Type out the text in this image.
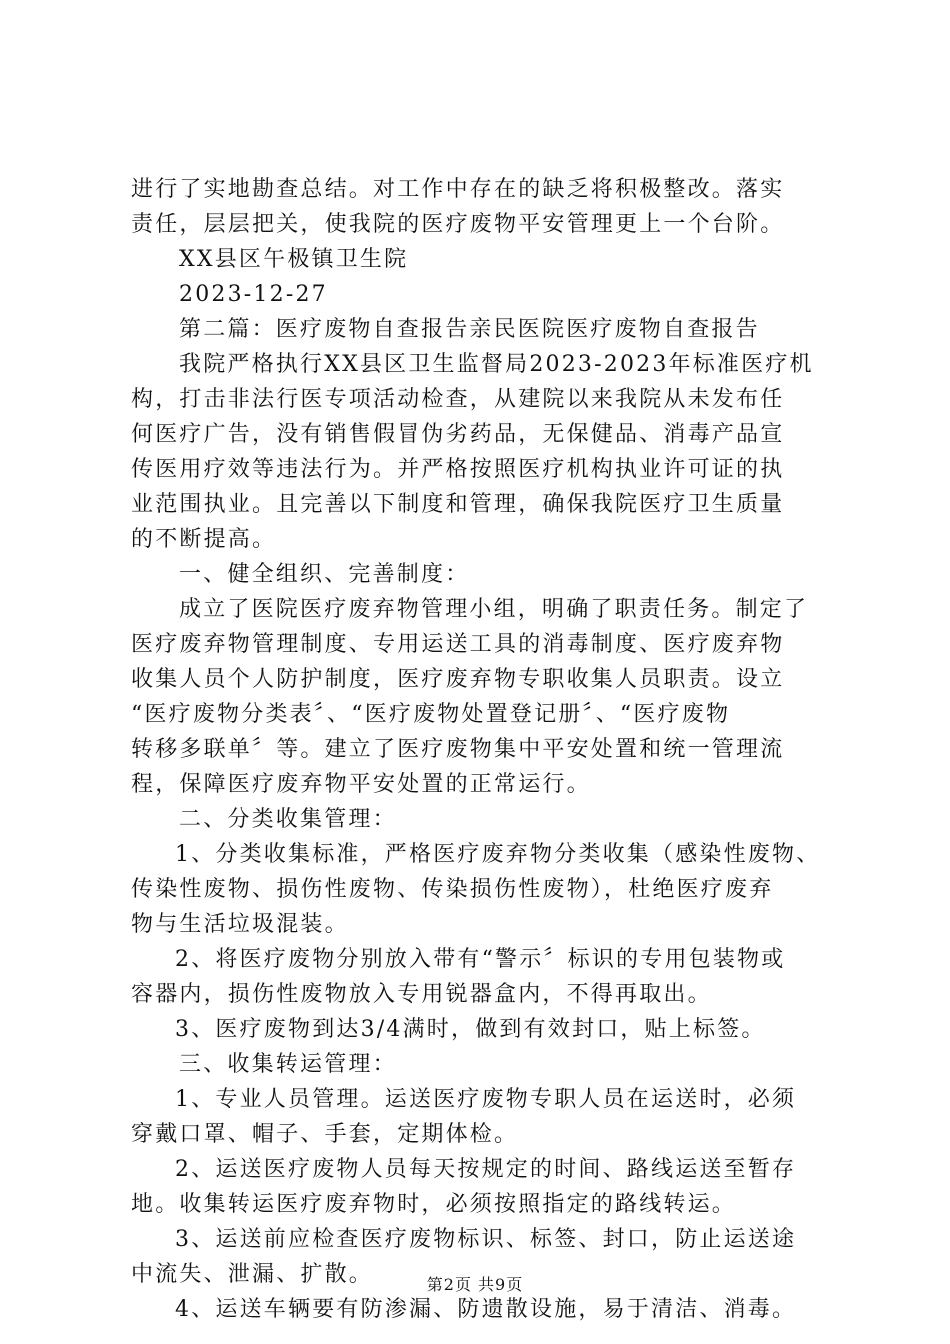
进行了实地勘查总结。对工作中存在的缺乏将积极整改。落实
责任，层层把关，使我院的医疗废物平安管理更上一个台阶。
XX县区午极镇卫生院
2023-12-27
第二篇：医疗废物自查报告亲民医院医疗废物自查报告
我院严格执行XX县区卫生监督局2023-2023年标准医疗机
构，打击非法行医专项活动检查，从建院以来我院从未发布任
何医疗广告，没有销售假冒伪劣药品，无保健品、消毒产品宣
传医用疗效等违法行为。并严格按照医疗机构执业许可证的执
业范围执业。且完善以下制度和管理，确保我院医疗卫生质量
的不断提高。
一、健全组织、完善制度：
成立了医院医疗废弃物管理小组，明确了职责任务。制定了
医疗废弃物管理制度、专用运送工具的消毒制度、医疗废弃物
收集人员个人防护制度，医疗废弃物专职收集人员职责。设立
“医疗废物分类表〞、“医疗废物处置登记册〞、“医疗废物
转移多联单〞等。建立了医疗废物集中平安处置和统一管理流
程，保障医疗废弃物平安处置的正常运行。
二、分类收集管理：
1、分类收集标准，严格医疗废弃物分类收集（感染性废物、
传染性废物、损伤性废物、传染损伤性废物），杜绝医疗废弃
物与生活垃圾混装。
2、将医疗废物分别放入带有“警示〞标识的专用包装物或
容器内，损伤性废物放入专用锐器盒内，不得再取出。
3、医疗废物到达3/4满时，做到有效封口，贴上标签。
三、收集转运管理：
1、专业人员管理。运送医疗废物专职人员在运送时，必须
穿戴口罩、帽子、手套，定期体检。
2、运送医疗废物人员每天按规定的时间、路线运送至暂存
地。收集转运医疗废弃物时，必须按照指定的路线转运。
3、运送前应检查医疗废物标识、标签、封口，防止运送途
中流失、泄漏、扩散。
4、运送车辆要有防渗漏、防遗散设施，易于清洁、消毒。
第2页 共9页
